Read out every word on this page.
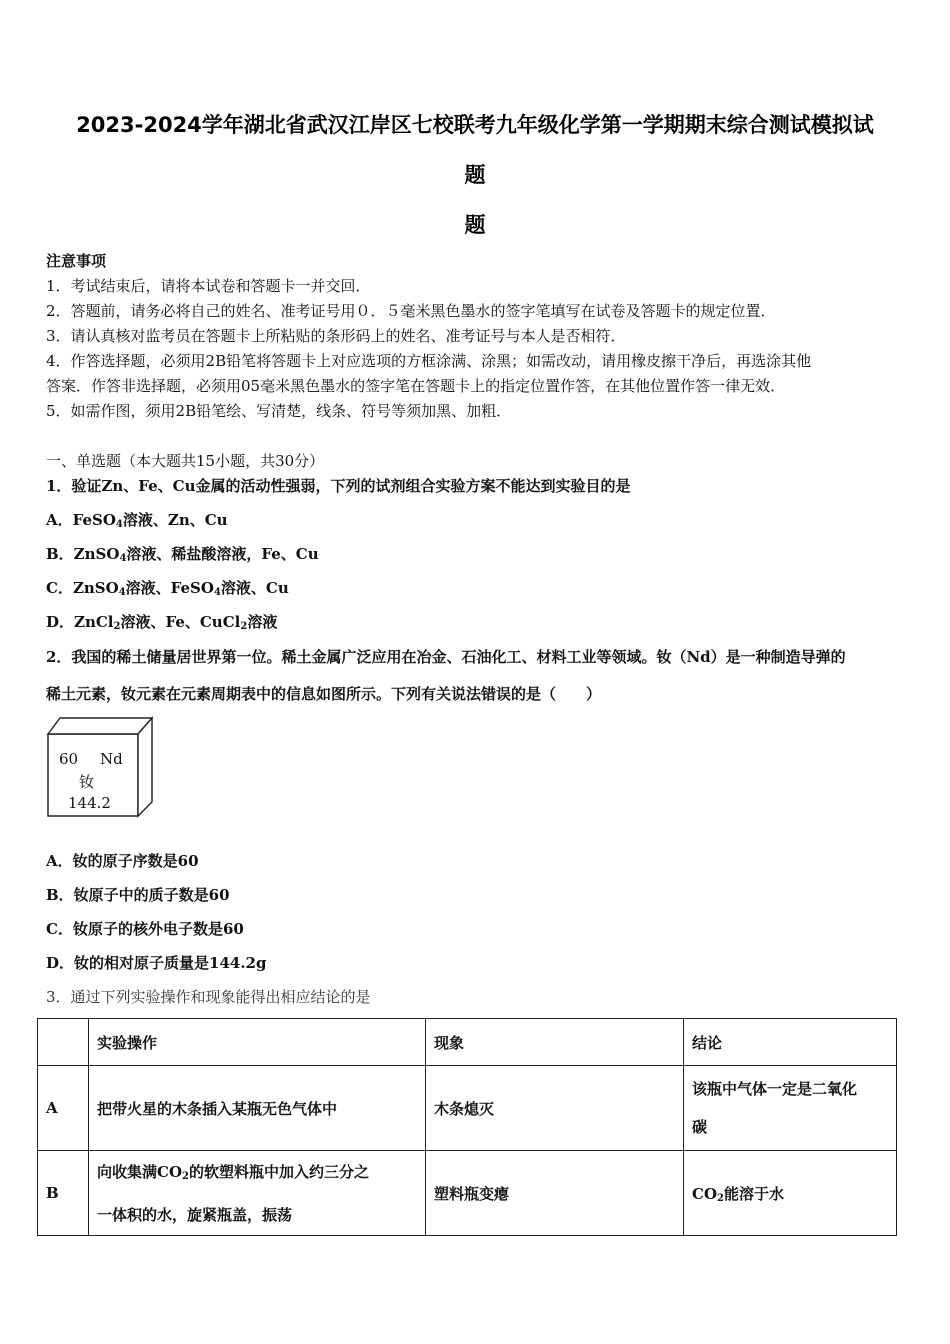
2023-2024学年湖北省武汉江岸区七校联考九年级化学第一学期期末综合测试模拟试
题
题
注意事项
1．考试结束后，请将本试卷和答题卡一并交回．
2．答题前，请务必将自己的姓名、准考证号用０．５毫米黑色墨水的签字笔填写在试卷及答题卡的规定位置．
3．请认真核对监考员在答题卡上所粘贴的条形码上的姓名、准考证号与本人是否相符．
4．作答选择题，必须用2B铅笔将答题卡上对应选项的方框涂满、涂黑；如需改动，请用橡皮擦干净后，再选涂其他
答案．作答非选择题，必须用05毫米黑色墨水的签字笔在答题卡上的指定位置作答，在其他位置作答一律无效．
5．如需作图，须用2B铅笔绘、写清楚，线条、符号等须加黑、加粗．
一、单选题（本大题共15小题，共30分）
1．验证Zn、Fe、Cu金属的活动性强弱，下列的试剂组合实验方案不能达到实验目的是
A．FeSO$_4$溶液、Zn、Cu
B．ZnSO$_4$溶液、稀盐酸溶液，Fe、Cu
C．ZnSO$_4$溶液、FeSO$_4$溶液、Cu
D．ZnCl$_2$溶液、Fe、CuCl$_2$溶液
2．我国的稀土储量居世界第一位。稀土金属广泛应用在冶金、石油化工、材料工业等领域。钕（Nd）是一种制造导弹的
稀土元素，钕元素在元素周期表中的信息如图所示。下列有关说法错误的是（　　）
60 Nd
钕
144.2
A．钕的原子序数是60
B．钕原子中的质子数是60
C．钕原子的核外电子数是60
D．钕的相对原子质量是144.2g
3．通过下列实验操作和现象能得出相应结论的是
	实验操作	现象	结论
A	把带火星的木条插入某瓶无色气体中	木条熄灭	该瓶中气体一定是二氧化
碳
B	向收集满$CO_2$的软塑料瓶中加入约三分之
一体积的水，旋紧瓶盖，振荡	塑料瓶变瘪	$CO_2$能溶于水
